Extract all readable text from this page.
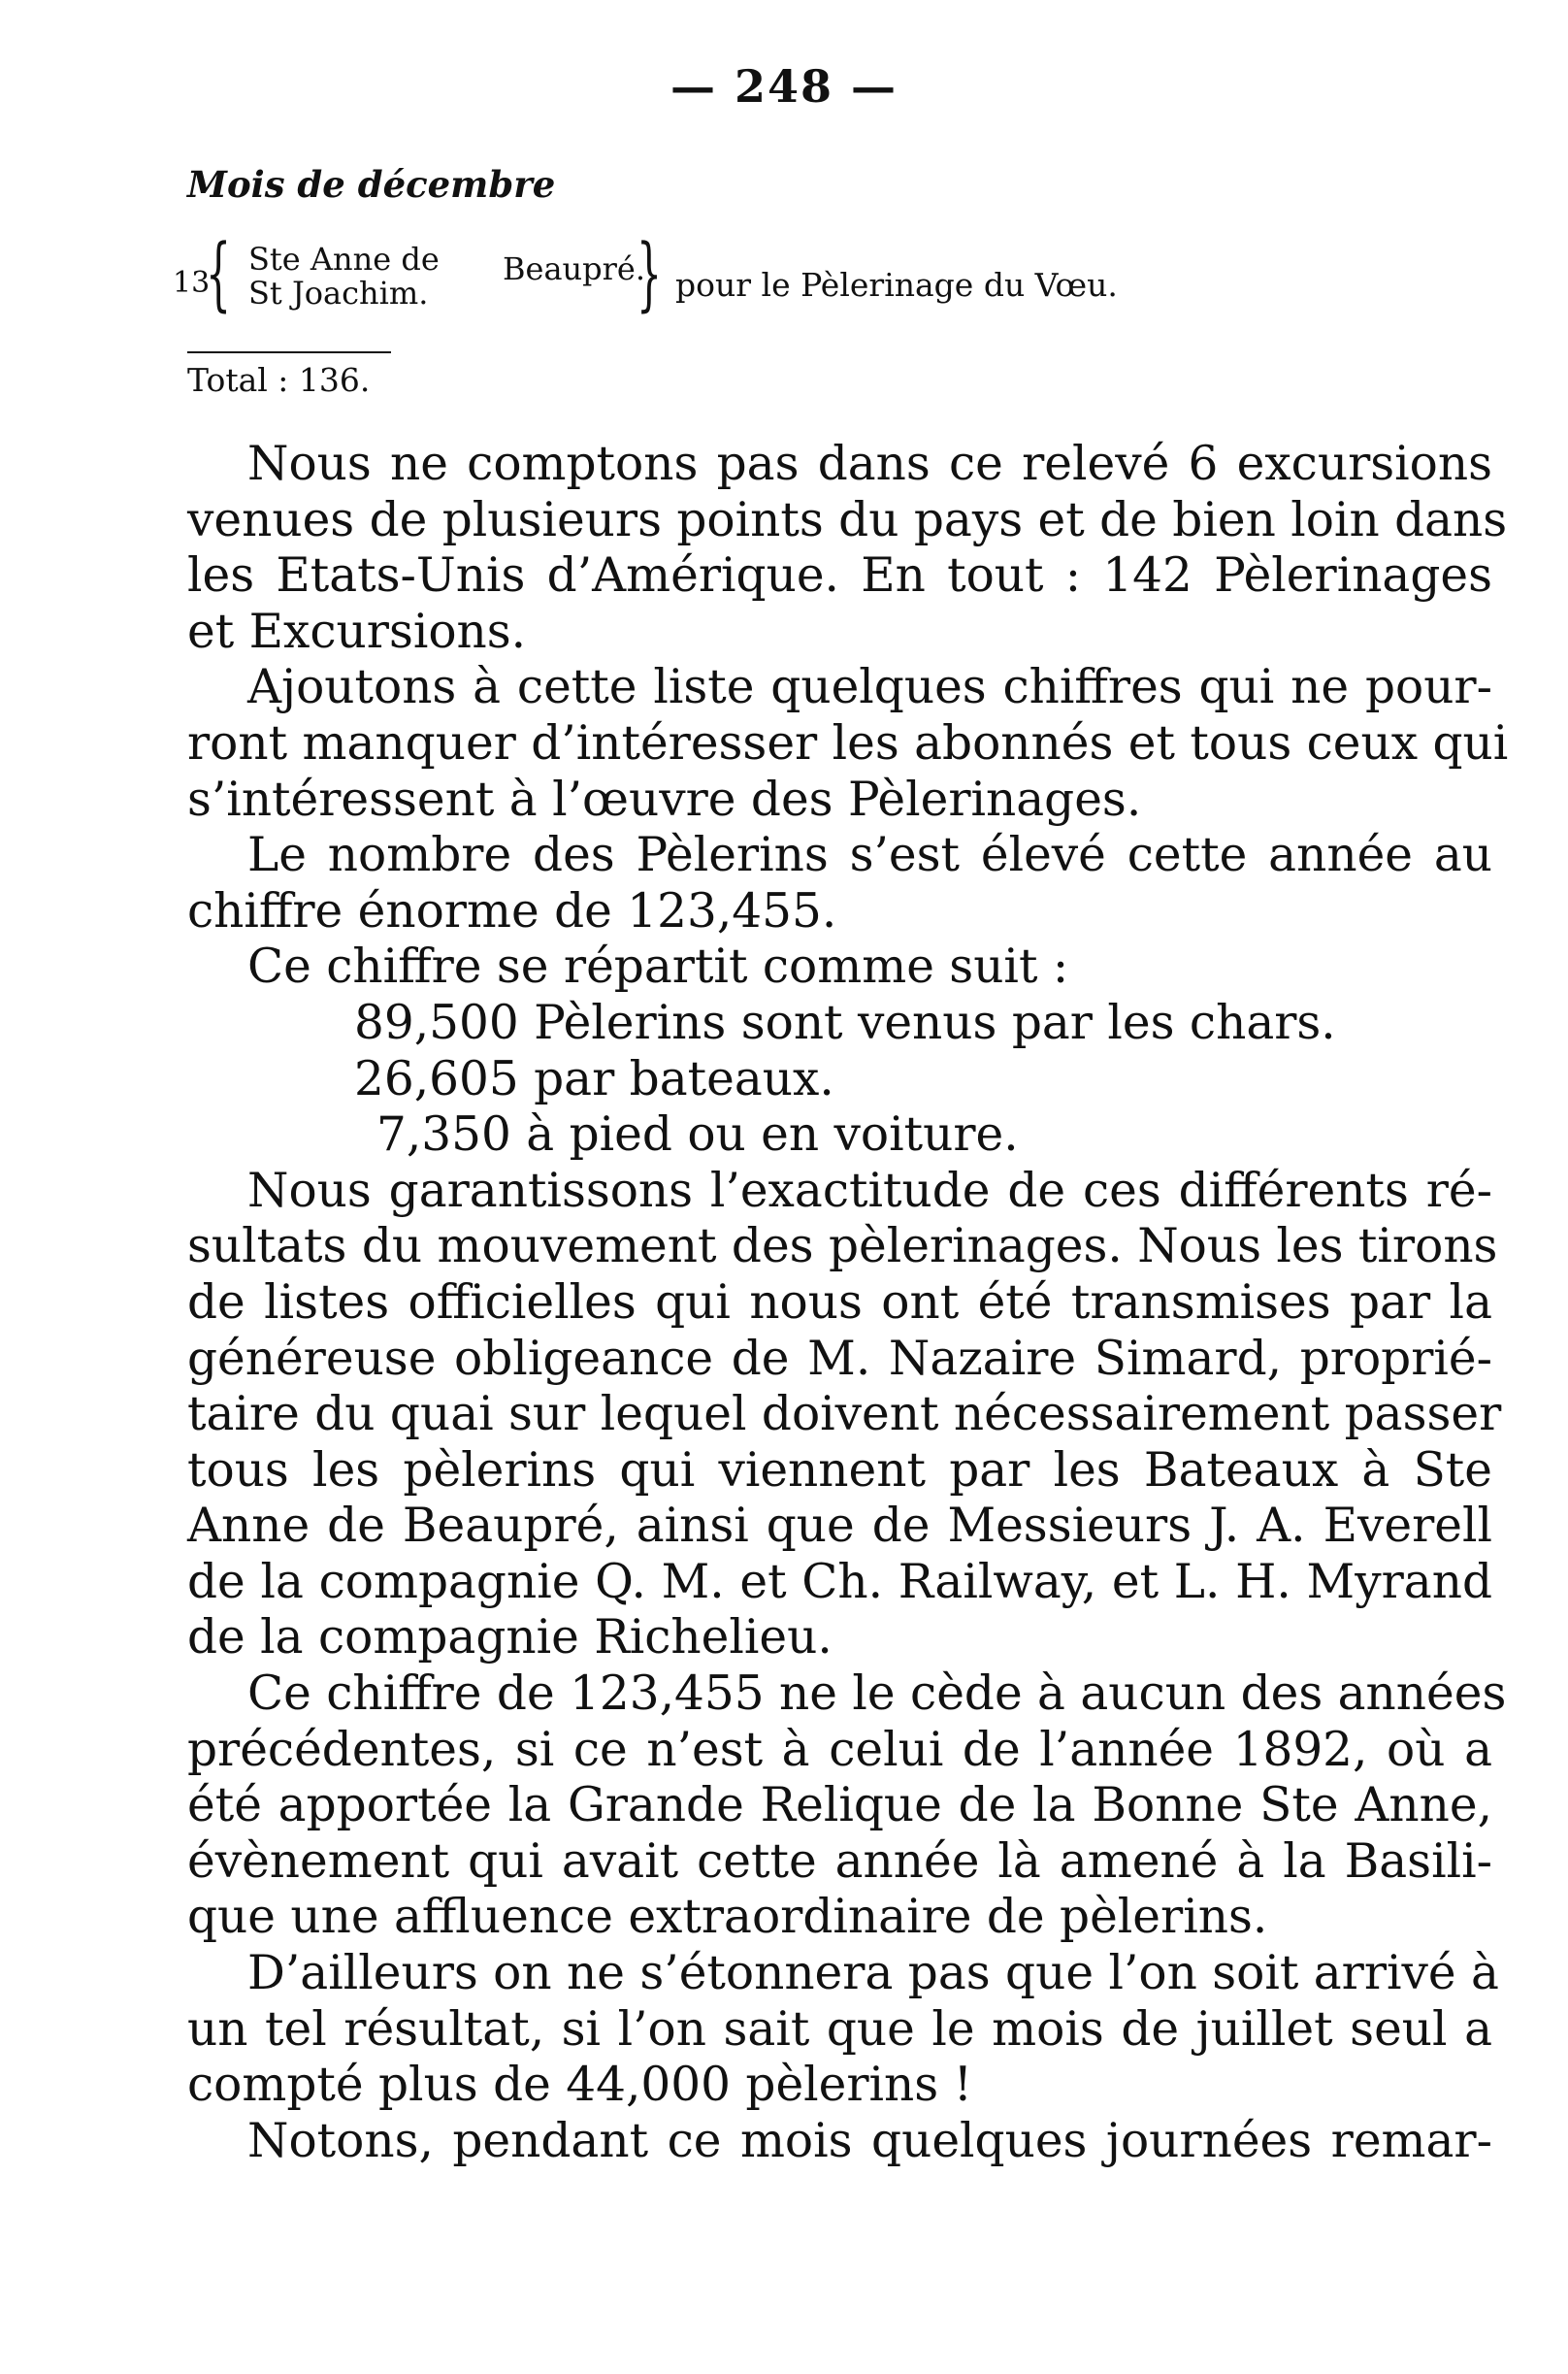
— 248 —
Mois de décembre
13
{ Ste Anne de
St Joachim.
Beaupré.
} pour le Pèlerinage du Vœu.
Total : 136.

Nous ne comptons pas dans ce relevé 6 excursions
venues de plusieurs points du pays et de bien loin dans
les Etats-Unis d’Amérique. En tout : 142 Pèlerinages
et Excursions.

Ajoutons à cette liste quelques chiffres qui ne pour-
ront manquer d’intéresser les abonnés et tous ceux qui
s’intéressent à l’œuvre des Pèlerinages.

Le nombre des Pèlerins s’est élevé cette année au
chiffre énorme de 123,455.

Ce chiffre se répartit comme suit :

89,500 Pèlerins sont venus par les chars.
26,605 par bateaux.
7,350 à pied ou en voiture.

Nous garantissons l’exactitude de ces différents ré-
sultats du mouvement des pèlerinages. Nous les tirons
de listes officielles qui nous ont été transmises par la
généreuse obligeance de M. Nazaire Simard, proprié-
taire du quai sur lequel doivent nécessairement passer
tous les pèlerins qui viennent par les Bateaux à Ste
Anne de Beaupré, ainsi que de Messieurs J. A. Everell
de la compagnie Q. M. et Ch. Railway, et L. H. Myrand
de la compagnie Richelieu.

Ce chiffre de 123,455 ne le cède à aucun des années
précédentes, si ce n’est à celui de l’année 1892, où a
été apportée la Grande Relique de la Bonne Ste Anne,
évènement qui avait cette année là amené à la Basili-
que une affluence extraordinaire de pèlerins.

D’ailleurs on ne s’étonnera pas que l’on soit arrivé à
un tel résultat, si l’on sait que le mois de juillet seul a
compté plus de 44,000 pèlerins !

Notons, pendant ce mois quelques journées remar-
